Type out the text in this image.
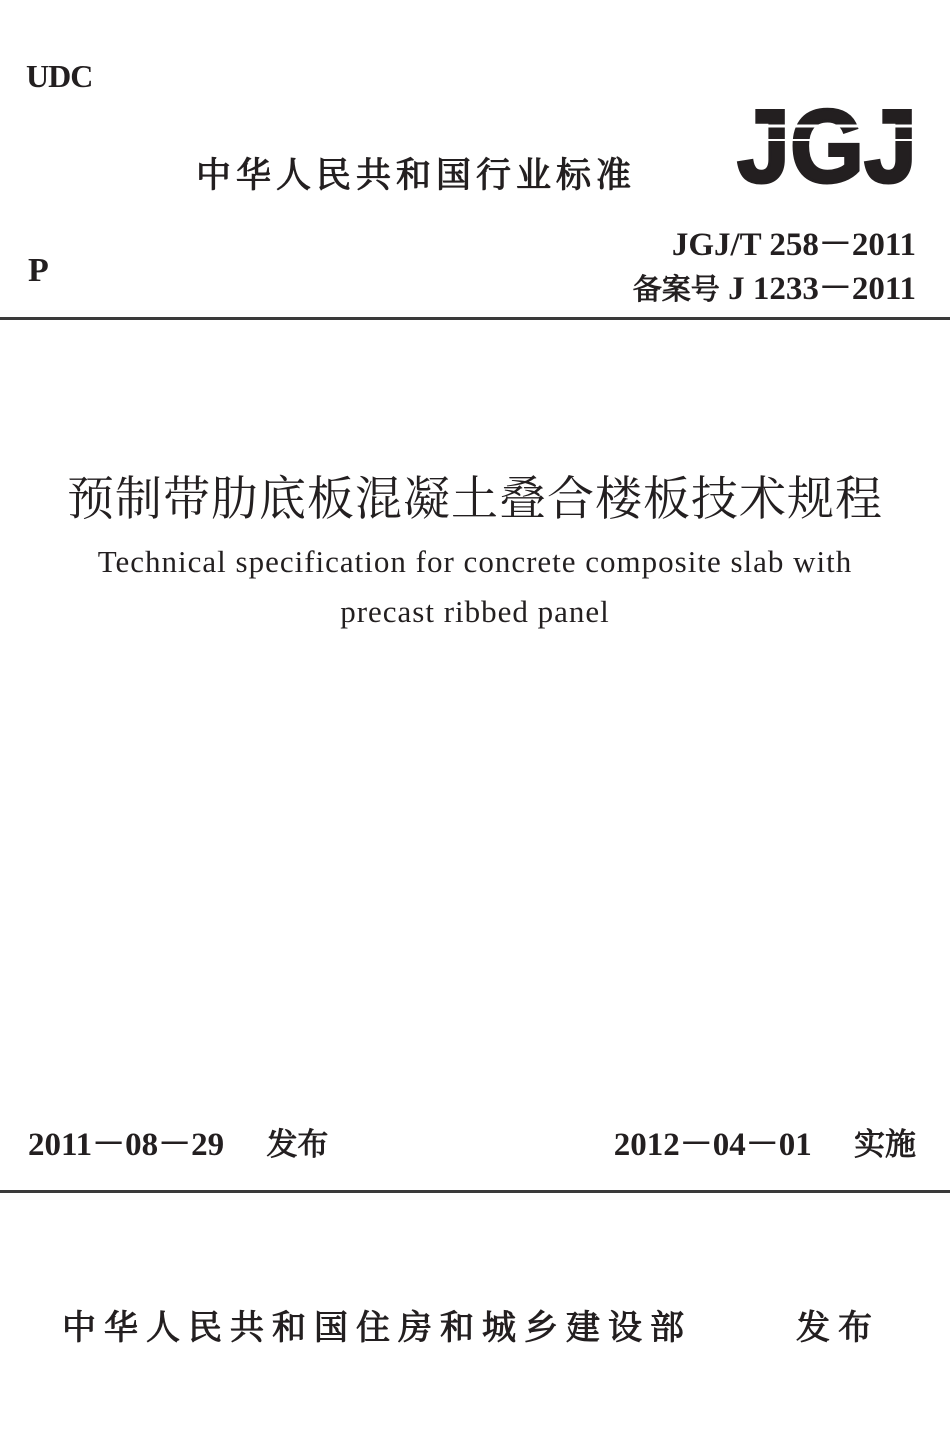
UDC
P
中华人民共和国行业标准 JGJ
JGJ/T 258－2011
备案号 J 1233－2011
预制带肋底板混凝土叠合楼板技术规程
Technical specification for concrete composite slab with
precast ribbed panel
2011－08－29 发布	2012－04－01 实施
中华人民共和国住房和城乡建设部	发布
